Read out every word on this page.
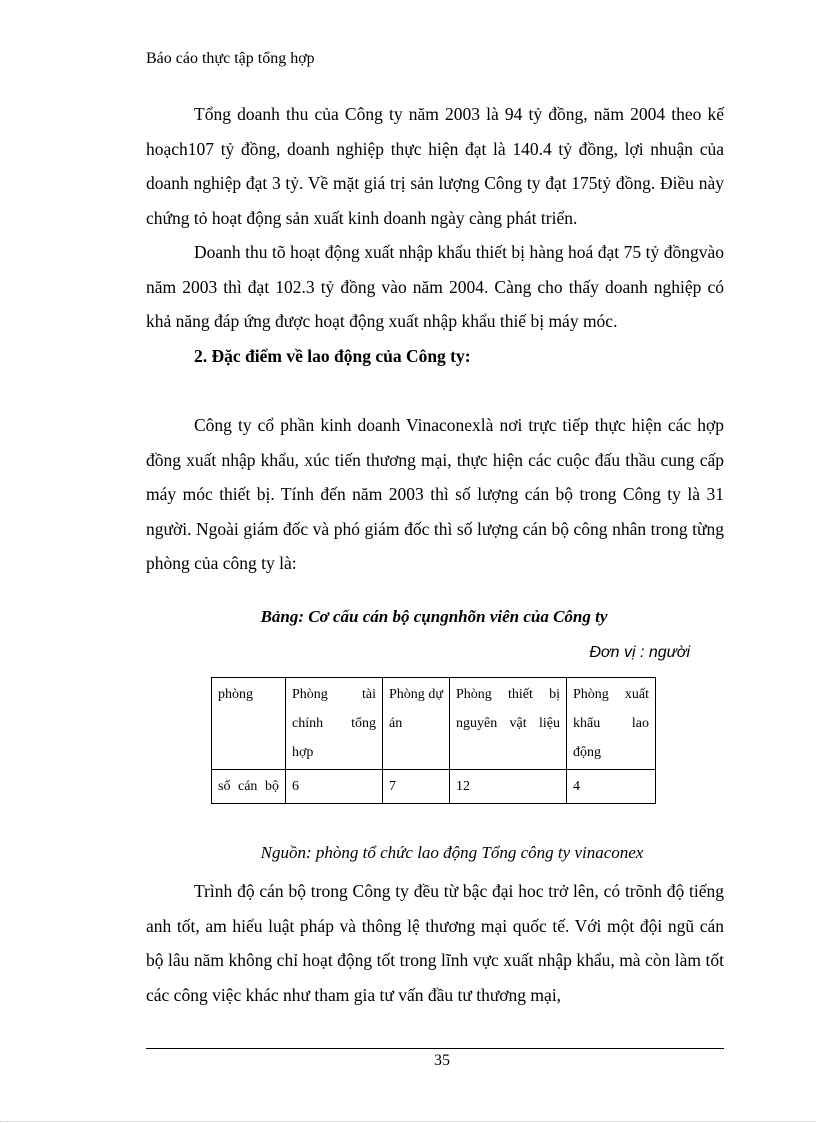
Báo cáo thực tập tổng hợp

Tổng doanh thu của Công ty năm 2003 là 94 tỷ đồng, năm 2004 theo kế hoạch107 tỷ đồng, doanh nghiệp thực hiện đạt là 140.4 tỷ đồng, lợi nhuận của doanh nghiệp đạt 3 tỷ. Về mặt giá trị sản lượng Công ty đạt 175tỷ đồng. Điều này chứng tỏ hoạt động sản xuất kinh doanh ngày càng phát triển.

Doanh thu tõ hoạt động xuất nhập khẩu thiết bị hàng hoá đạt 75 tỷ đồngvào năm 2003 thì đạt 102.3 tỷ đồng vào năm 2004. Càng cho thấy doanh nghiệp có khả năng đáp ứng được hoạt động xuất nhập khẩu thiế bị máy móc.

2. Đặc điểm về lao động của Công ty:

Công ty cổ phần kinh doanh Vinaconexlà nơi trực tiếp thực hiện các hợp đồng xuất nhập khẩu, xúc tiến thương mại, thực hiện các cuộc đấu thầu cung cấp máy móc thiết bị. Tính đến năm 2003 thì số lượng cán bộ trong Công ty là 31 người. Ngoài giám đốc và phó giám đốc thì số lượng cán bộ công nhân trong từng phòng của công ty là:

Bảng: Cơ cấu cán bộ cụngnhõn viên của Công ty
Đơn vị : người
phòng	Phòng tài chính tổng hợp	Phòng dự án	Phòng thiết bị nguyên vật liệu	Phòng xuất khẩu lao động
số cán bộ	6	7	12	4
Nguồn: phòng tổ chức lao động Tổng công ty vinaconex

Trình độ cán bộ trong Công ty đều từ bậc đại hoc trở lên, có trõnh độ tiếng anh tốt, am hiểu luật pháp và thông lệ thương mại quốc tế. Với một đội ngũ cán bộ lâu năm không chỉ hoạt động tốt trong lĩnh vực xuất nhập khẩu, mà còn làm tốt các công việc khác như tham gia tư vấn đầu tư thương mại,

35
